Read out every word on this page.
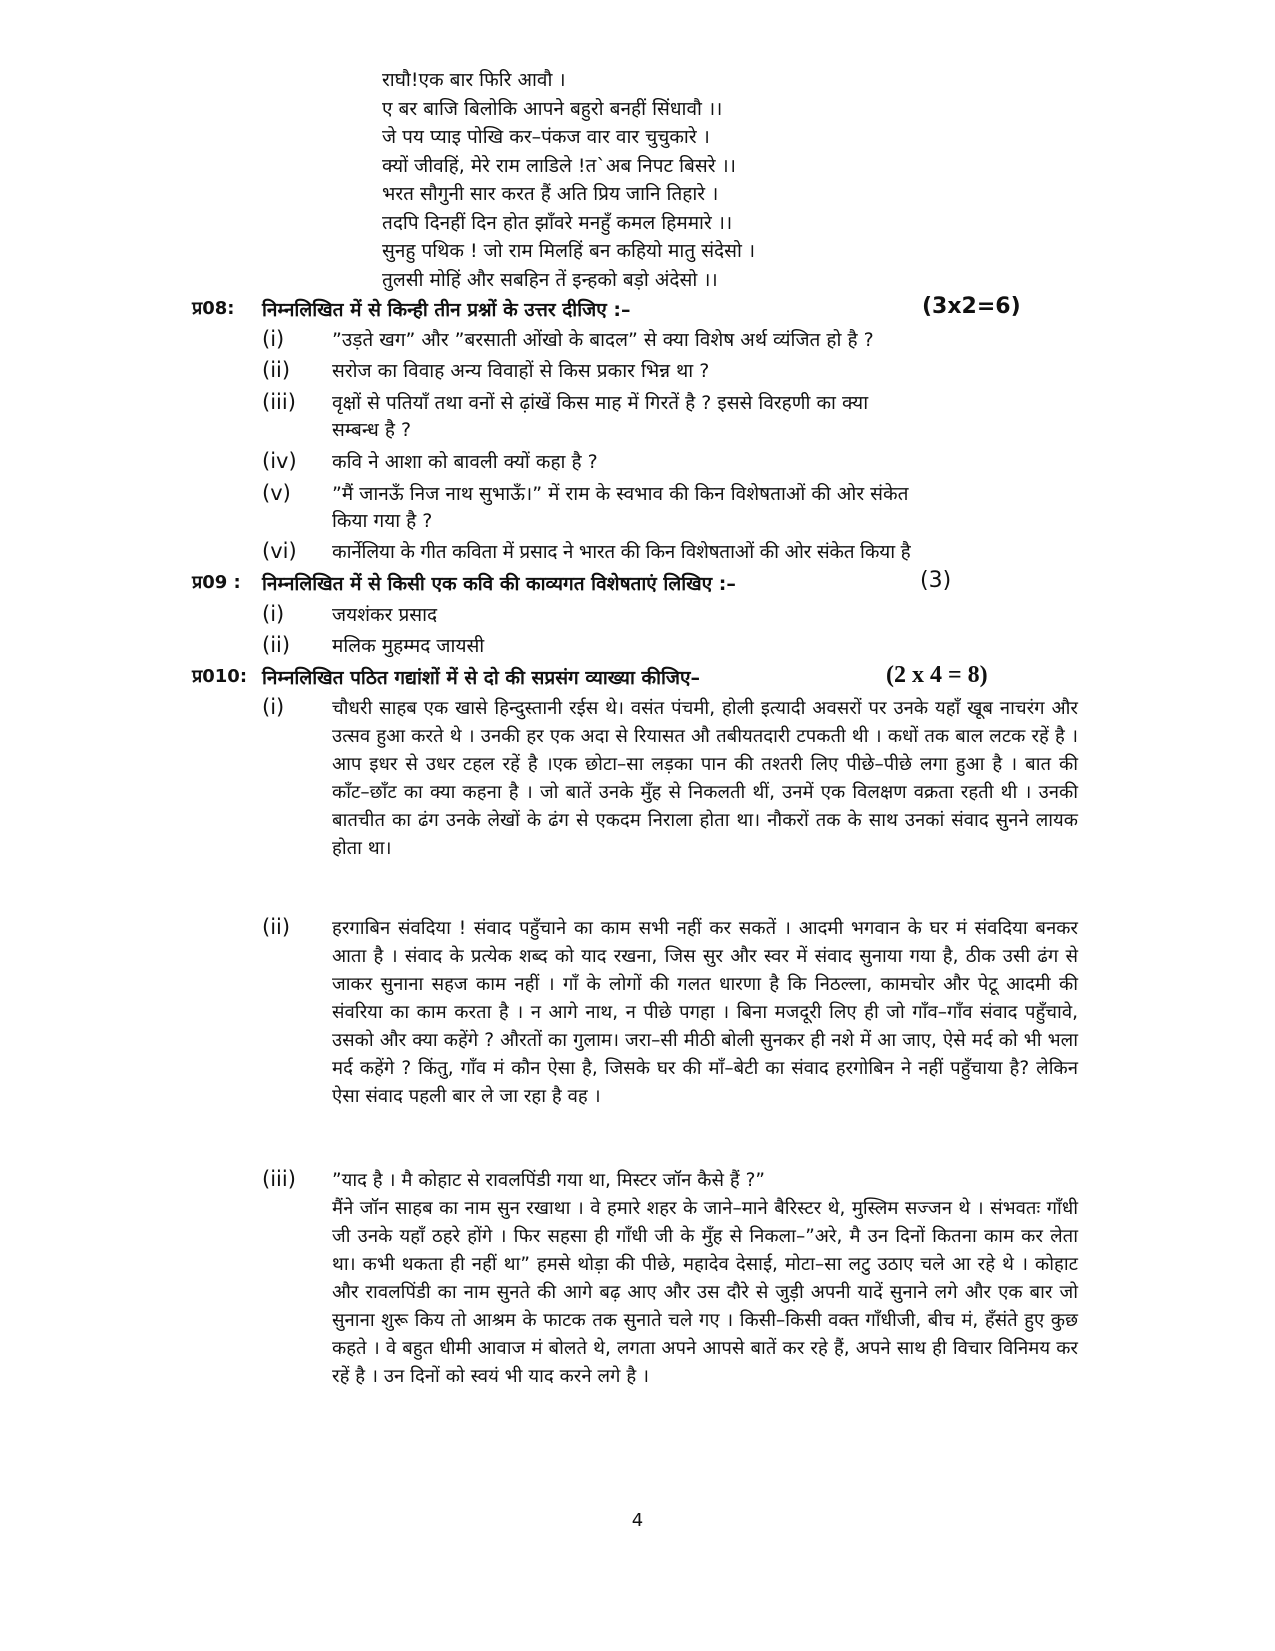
राघौ!एक बार फिरि आवौ ।
ए बर बाजि बिलोकि आपने बहुरो बनहीं सिंधावौ ।।
जे पय प्याइ पोखि कर–पंकज वार वार चुचुकारे ।
क्यों जीवहिं, मेरे राम लाडिले !त`अब निपट बिसरे ।।
भरत सौगुनी सार करत हैं अति प्रिय जानि तिहारे ।
तदपि दिनहीं दिन होत झाँवरे मनहुँ कमल हिममारे ।।
सुनहु पथिक ! जो राम मिलहिं बन कहियो मातु संदेसो ।
तुलसी मोहिं और सबहिन तें इन्हको बड़ो अंदेसो ।।
प्र08: निम्नलिखित में से किन्ही तीन प्रश्नों के उत्तर दीजिए :–	(3x2=6)
(i)	”उड़ते खग” और ”बरसाती ओंखो के बादल” से क्या विशेष अर्थ व्यंजित हो है ?
(ii) सरोज का विवाह अन्य विवाहों से किस प्रकार भिन्न था ?
(iii) वृक्षों से पतियाँ तथा वनों से ढ़ांखें किस माह में गिरतें है ? इससे विरहणी का क्या
सम्बन्ध है ?
(iv) कवि ने आशा को बावली क्यों कहा है ?
(v) ”मैं जानऊँ निज नाथ सुभाऊँ।” में राम के स्वभाव की किन विशेषताओं की ओर संकेत
किया गया है ?
(vi) कार्नेलिया के गीत कविता में प्रसाद ने भारत की किन विशेषताओं की ओर संकेत किया है
प्र09 : निम्नलिखित में से किसी एक कवि की काव्यगत विशेषताएं लिखिए :–	(3)
(i)	जयशंकर प्रसाद
(ii) मलिक मुहम्मद जायसी
प्र010: निम्नलिखित पठित गद्यांशों में से दो की सप्रसंग व्याख्या कीजिए–	(2 x 4 = 8)
(i)	चौधरी साहब एक खासे हिन्दुस्तानी रईस थे। वसंत पंचमी, होली इत्यादी अवसरों पर उनके यहाँ खूब नाचरंग और उत्सव हुआ करते थे । उनकी हर एक अदा से रियासत औ तबीयतदारी टपकती थी । कधों तक बाल लटक रहें है । आप इधर से उधर टहल रहें है ।एक छोटा–सा लड़का पान की तश्तरी लिए पीछे–पीछे लगा हुआ है । बात की कॉंट–छॉंट का क्या कहना है । जो बातें उनके मुँह से निकलती थीं, उनमें एक विलक्षण वक्रता रहती थी । उनकी बातचीत का ढंग उनके लेखों के ढंग से एकदम निराला होता था। नौकरों तक के साथ उनकां संवाद सुनने लायक होता था।
(ii) हरगाबिन संवदिया ! संवाद पहुँचाने का काम सभी नहीं कर सकतें । आदमी भगवान के घर मं संवदिया बनकर आता है । संवाद के प्रत्येक शब्द को याद रखना, जिस सुर और स्वर में संवाद सुनाया गया है, ठीक उसी ढंग से जाकर सुनाना सहज काम नहीं । गाँ के लोगों की गलत धारणा है कि निठल्ला, कामचोर और पेटू आदमी की संवरिया का काम करता है । न आगे नाथ, न पीछे पगहा । बिना मजदूरी लिए ही जो गाँव–गाँव संवाद पहुँचावे, उसको और क्या कहेंगे ? औरतों का गुलाम। जरा–सी मीठी बोली सुनकर ही नशे में आ जाए, ऐसे मर्द को भी भला मर्द कहेंगे ? किंतु, गाँव मं कौन ऐसा है, जिसके घर की माँ–बेटी का संवाद हरगोबिन ने नहीं पहुँचाया है? लेकिन ऐसा संवाद पहली बार ले जा रहा है वह ।
(iii) ”याद है । मै कोहाट से रावलपिंडी गया था, मिस्टर जॉन कैसे हैं ?”
मैंने जॉन साहब का नाम सुन रखाथा । वे हमारे शहर के जाने–माने बैरिस्टर थे, मुस्लिम सज्जन थे । संभवतः गाँधी जी उनके यहाँ ठहरे होंगे । फिर सहसा ही गाँधी जी के मुँह से निकला–”अरे, मै उन दिनों कितना काम कर लेता था। कभी थकता ही नहीं था” हमसे थोड़ा की पीछे, महादेव देसाई, मोटा–सा लटु उठाए चले आ रहे थे । कोहाट और रावलपिंडी का नाम सुनते की आगे बढ़ आए और उस दौरे से जुड़ी अपनी यादें सुनाने लगे और एक बार जो सुनाना शुरू किय तो आश्रम के फाटक तक सुनाते चले गए । किसी–किसी वक्त गाँधीजी, बीच मं, हँसंते हुए कुछ कहते । वे बहुत धीमी आवाज मं बोलते थे, लगता अपने आपसे बातें कर रहे हैं, अपने साथ ही विचार विनिमय कर रहें है । उन दिनों को स्वयं भी याद करने लगे है ।
4
